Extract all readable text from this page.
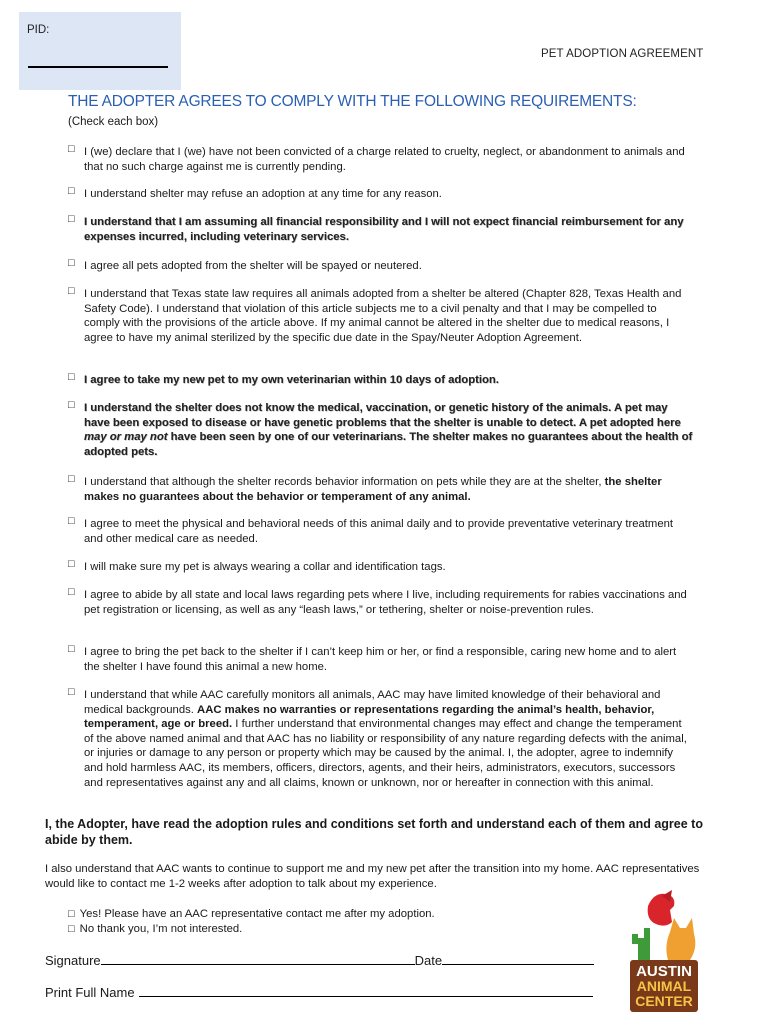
PID:
PET ADOPTION AGREEMENT
THE ADOPTER AGREES TO COMPLY WITH THE FOLLOWING REQUIREMENTS:
(Check each box)
□ I (we) declare that I (we) have not been convicted of a charge related to cruelty, neglect, or abandonment to animals and that no such charge against me is currently pending.
□ I understand shelter may refuse an adoption at any time for any reason.
□ I understand that I am assuming all financial responsibility and I will not expect financial reimbursement for any expenses incurred, including veterinary services.
□ I agree all pets adopted from the shelter will be spayed or neutered.
□ I understand that Texas state law requires all animals adopted from a shelter be altered (Chapter 828, Texas Health and Safety Code). I understand that violation of this article subjects me to a civil penalty and that I may be compelled to comply with the provisions of the article above. If my animal cannot be altered in the shelter due to medical reasons, I agree to have my animal sterilized by the specific due date in the Spay/Neuter Adoption Agreement.
□ I agree to take my new pet to my own veterinarian within 10 days of adoption.
□ I understand the shelter does not know the medical, vaccination, or genetic history of the animals. A pet may have been exposed to disease or have genetic problems that the shelter is unable to detect. A pet adopted here may or may not have been seen by one of our veterinarians. The shelter makes no guarantees about the health of adopted pets.
□ I understand that although the shelter records behavior information on pets while they are at the shelter, the shelter makes no guarantees about the behavior or temperament of any animal.
□ I agree to meet the physical and behavioral needs of this animal daily and to provide preventative veterinary treatment and other medical care as needed.
□ I will make sure my pet is always wearing a collar and identification tags.
□ I agree to abide by all state and local laws regarding pets where I live, including requirements for rabies vaccinations and pet registration or licensing, as well as any “leash laws,” or tethering, shelter or noise-prevention rules.
□ I agree to bring the pet back to the shelter if I can’t keep him or her, or find a responsible, caring new home and to alert the shelter I have found this animal a new home.
□ I understand that while AAC carefully monitors all animals, AAC may have limited knowledge of their behavioral and medical backgrounds. AAC makes no warranties or representations regarding the animal’s health, behavior, temperament, age or breed. I further understand that environmental changes may effect and change the temperament of the above named animal and that AAC has no liability or responsibility of any nature regarding defects with the animal, or injuries or damage to any person or property which may be caused by the animal. I, the adopter, agree to indemnify and hold harmless AAC, its members, officers, directors, agents, and their heirs, administrators, executors, successors and representatives against any and all claims, known or unknown, nor or hereafter in connection with this animal.
I, the Adopter, have read the adoption rules and conditions set forth and understand each of them and agree to abide by them.
I also understand that AAC wants to continue to support me and my new pet after the transition into my home. AAC representatives would like to contact me 1-2 weeks after adoption to talk about my experience.
□ Yes! Please have an AAC representative contact me after my adoption.
□ No thank you, I’m not interested.
Signature	Date
Print Full Name
AUSTIN
ANIMAL
CENTER
